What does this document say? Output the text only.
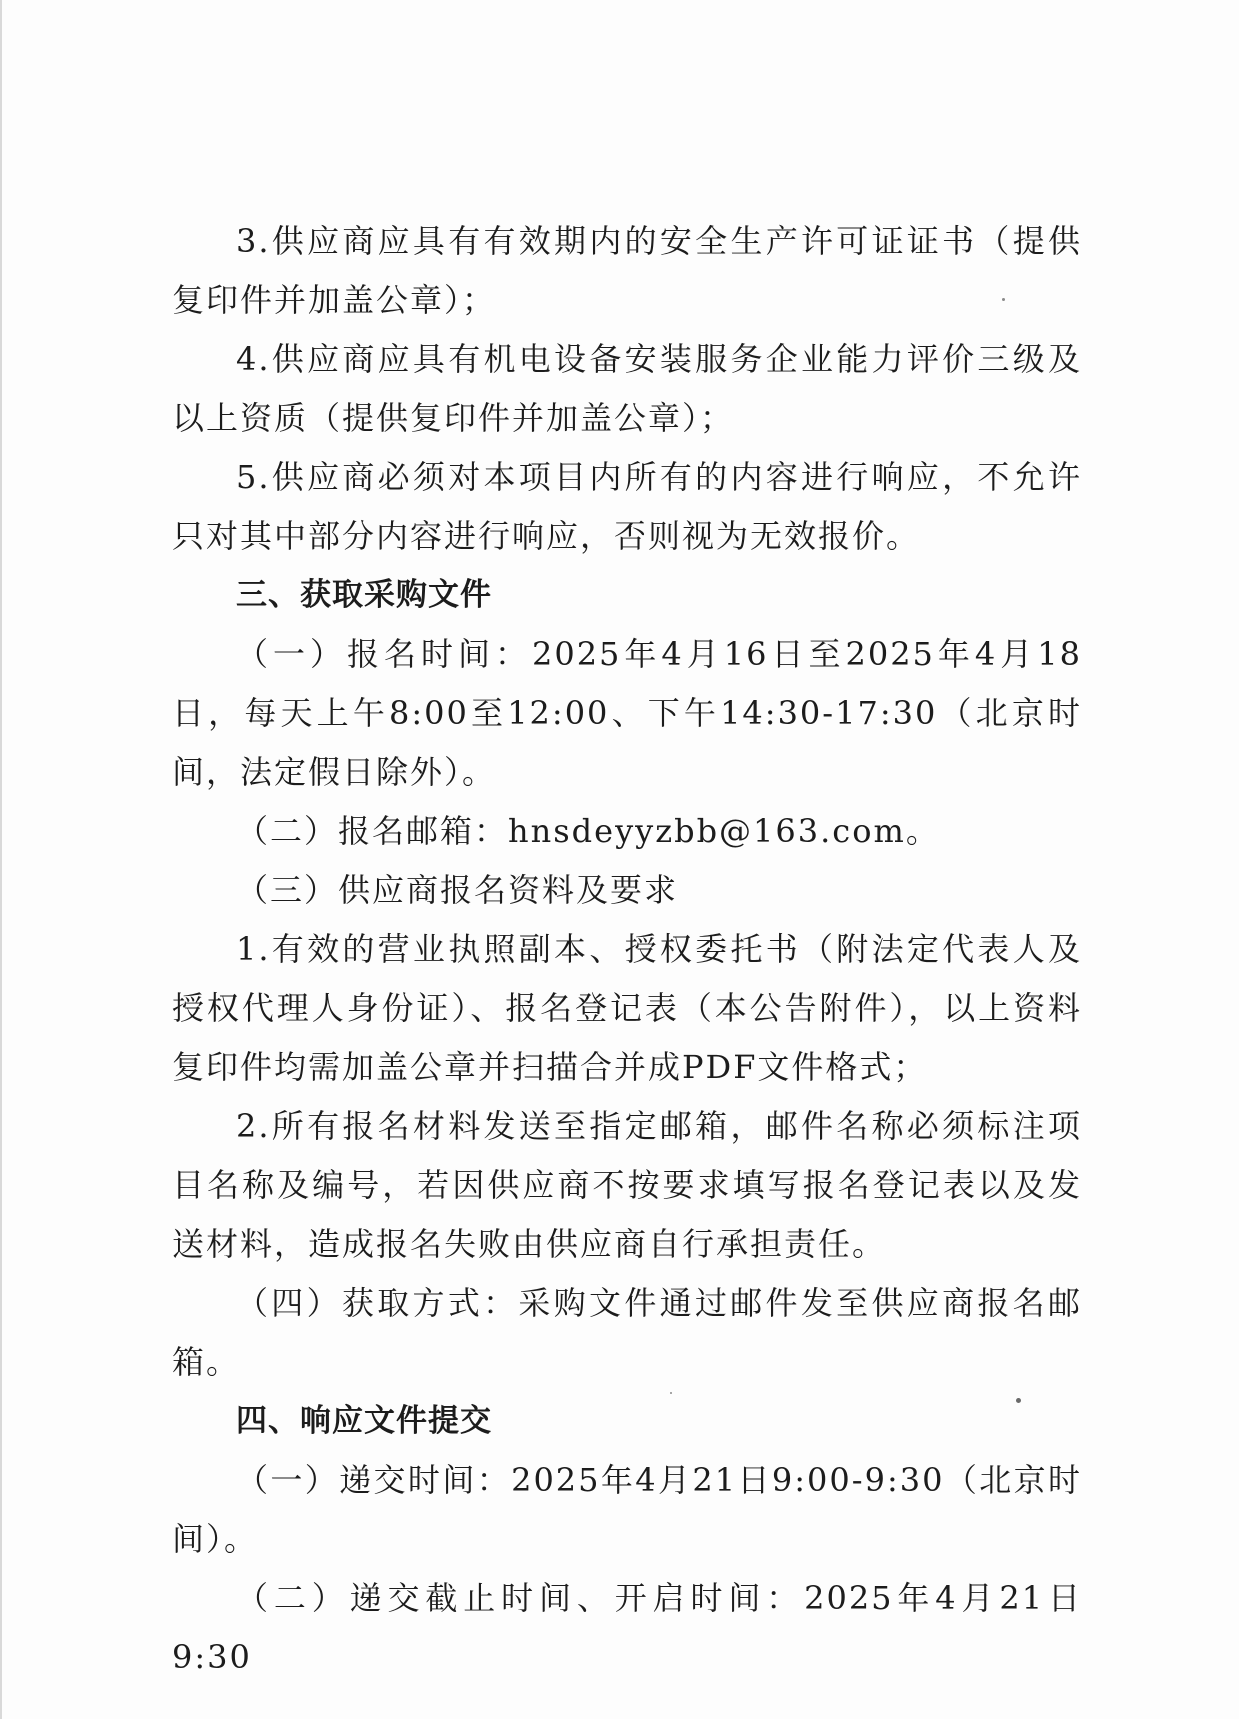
3.供应商应具有有效期内的安全生产许可证证书（提供复印件并加盖公章）；

4.供应商应具有机电设备安装服务企业能力评价三级及以上资质（提供复印件并加盖公章）；

5.供应商必须对本项目内所有的内容进行响应，不允许只对其中部分内容进行响应，否则视为无效报价。

三、获取采购文件

（一）报名时间：2025年4月16日至2025年4月18日，每天上午8:00至12:00、下午14:30-17:30（北京时间，法定假日除外）。

（二）报名邮箱：hnsdeyyzbb@163.com。

（三）供应商报名资料及要求

1.有效的营业执照副本、授权委托书（附法定代表人及授权代理人身份证）、报名登记表（本公告附件），以上资料复印件均需加盖公章并扫描合并成PDF文件格式；

2.所有报名材料发送至指定邮箱，邮件名称必须标注项目名称及编号，若因供应商不按要求填写报名登记表以及发送材料，造成报名失败由供应商自行承担责任。

（四）获取方式：采购文件通过邮件发至供应商报名邮箱。

四、响应文件提交

（一）递交时间：2025年4月21日9:00-9:30（北京时间）。

（二）递交截止时间、开启时间：2025年4月21日9:30
